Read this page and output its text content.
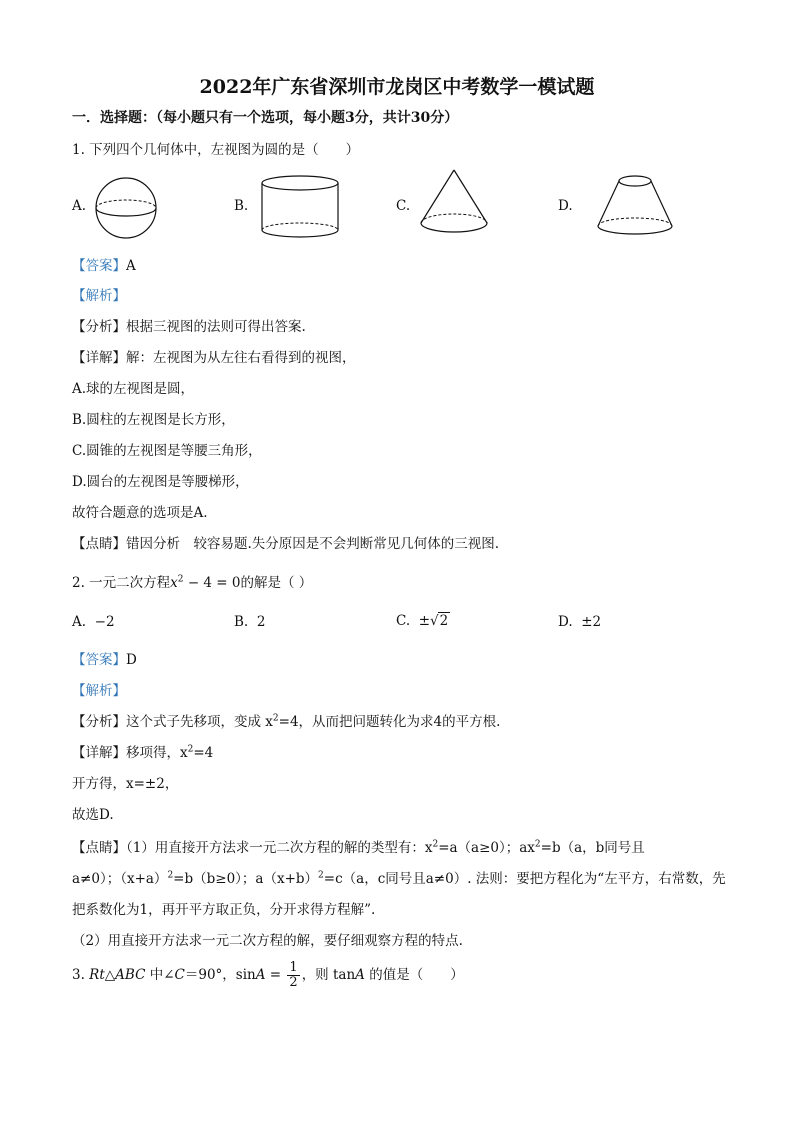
2022年广东省深圳市龙岗区中考数学一模试题
一．选择题：（每小题只有一个选项，每小题3分，共计30分）
1. 下列四个几何体中，左视图为圆的是（　　）
A.	B.	C.	D.
【答案】A
【解析】
【分析】根据三视图的法则可得出答案.
【详解】解：左视图为从左往右看得到的视图，
A.球的左视图是圆，
B.圆柱的左视图是长方形，
C.圆锥的左视图是等腰三角形，
D.圆台的左视图是等腰梯形，
故符合题意的选项是A.
【点睛】错因分析　较容易题.失分原因是不会判断常见几何体的三视图.
2. 一元二次方程$x^2 - 4 = 0$的解是（ ）
A. −2	B. 2	C. ±√2	D. ±2
【答案】D
【解析】
【分析】这个式子先移项，变成 $x^2=4$，从而把问题转化为求4的平方根.
【详解】移项得，$x^2=4$
开方得，x=±2，
故选D.
【点睛】（1）用直接开方法求一元二次方程的解的类型有：$x^2=a(a\ge 0)$；$ax^2=b(a$，b同号且
a≠0）；$(x+a)^2=b(b\ge 0)$；$a(x+b)^2=c(a$，c同号且a≠0）. 法则：要把方程化为“左平方，右常数，先
把系数化为1，再开平方取正负，分开求得方程解”.
（2）用直接开方法求一元二次方程的解，要仔细观察方程的特点.
3. Rt△ABC 中∠C＝90°，$\sin A = \frac{1}{2}$ ，则 tanA 的值是（　　）
